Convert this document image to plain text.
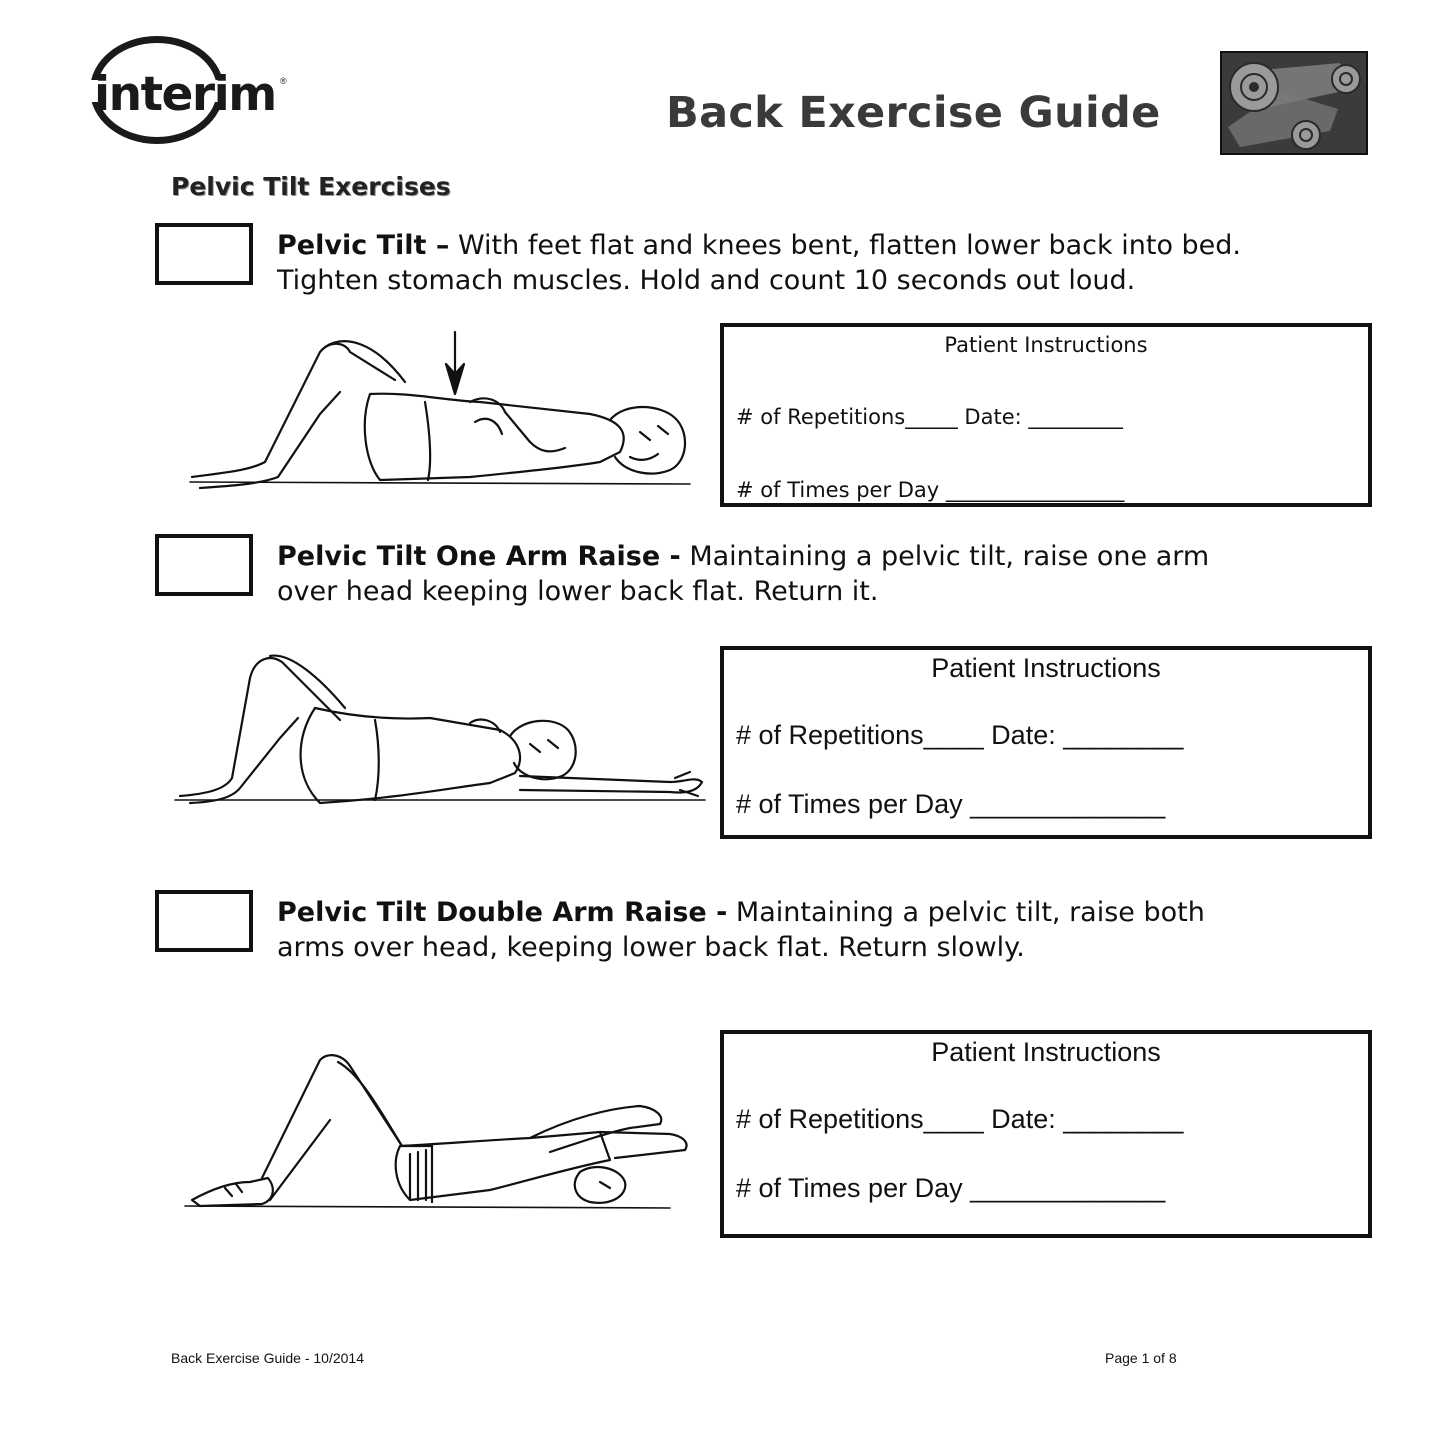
interim ®
Back Exercise Guide
Pelvic Tilt Exercises
Pelvic Tilt – With feet flat and knees bent, flatten lower back into bed.
Tighten stomach muscles. Hold and count 10 seconds out loud.
Patient Instructions
# of Repetitions_____ Date: _________
# of Times per Day _________________
Pelvic Tilt One Arm Raise - Maintaining a pelvic tilt, raise one arm
over head keeping lower back flat. Return it.
Patient Instructions
# of Repetitions____ Date: ________
# of Times per Day _____________
Pelvic Tilt Double Arm Raise - Maintaining a pelvic tilt, raise both
arms over head, keeping lower back flat. Return slowly.
Patient Instructions
# of Repetitions____ Date: ________
# of Times per Day _____________
Back Exercise Guide - 10/2014	Page 1 of 8
